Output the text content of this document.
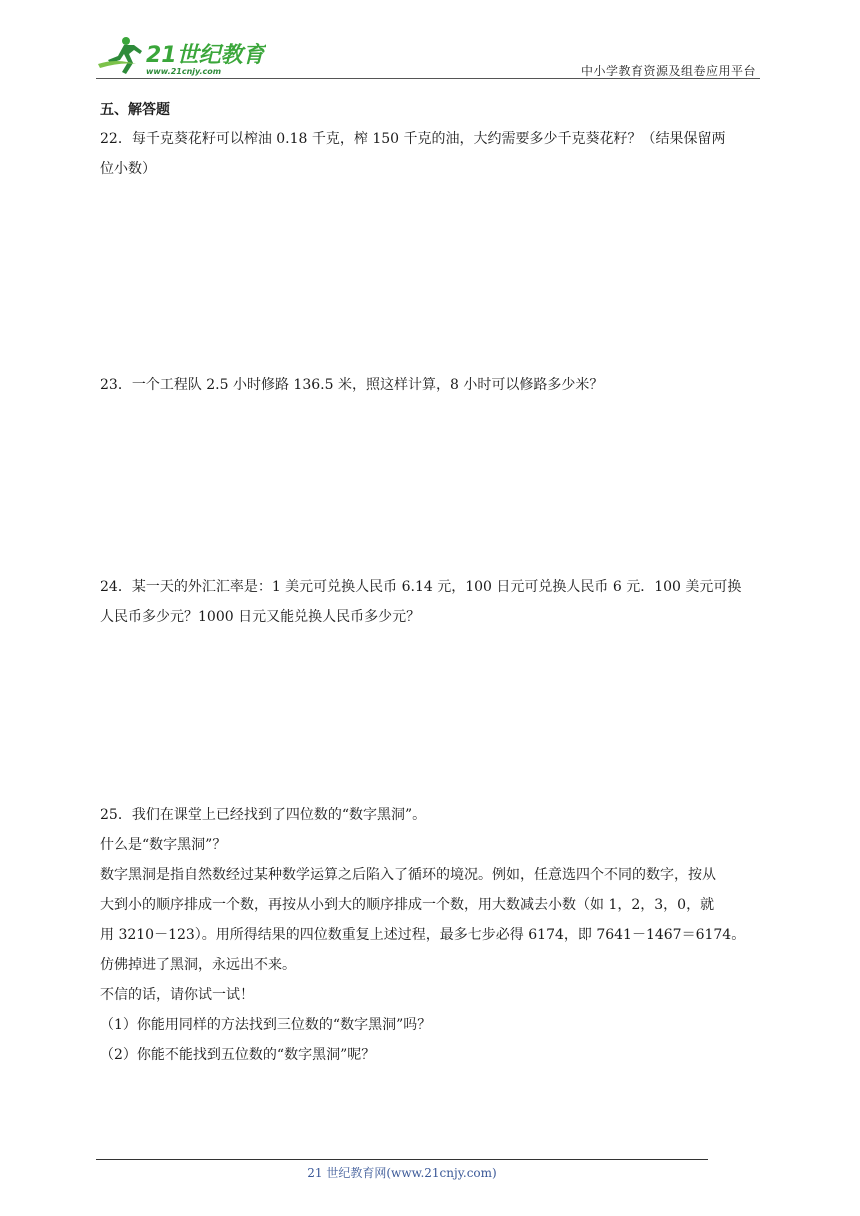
21世纪教育
www.21cnjy.com	中小学教育资源及组卷应用平台

五、解答题

22．每千克葵花籽可以榨油 0.18 千克，榨 150 千克的油，大约需要多少千克葵花籽？（结果保留两

位小数）

23．一个工程队 2.5 小时修路 136.5 米，照这样计算，8 小时可以修路多少米？

24．某一天的外汇汇率是：1 美元可兑换人民币 6.14 元，100 日元可兑换人民币 6 元．100 美元可换

人民币多少元？1000 日元又能兑换人民币多少元？

25．我们在课堂上已经找到了四位数的“数字黑洞”。

什么是“数字黑洞”？

数字黑洞是指自然数经过某种数学运算之后陷入了循环的境况。例如，任意选四个不同的数字，按从

大到小的顺序排成一个数，再按从小到大的顺序排成一个数，用大数减去小数（如 1，2，3，0，就

用 3210－123）。用所得结果的四位数重复上述过程，最多七步必得 6174，即 7641－1467＝6174。

仿佛掉进了黑洞，永远出不来。

不信的话，请你试一试！

（1）你能用同样的方法找到三位数的“数字黑洞”吗？

（2）你能不能找到五位数的“数字黑洞”呢？

21 世纪教育网(www.21cnjy.com)
